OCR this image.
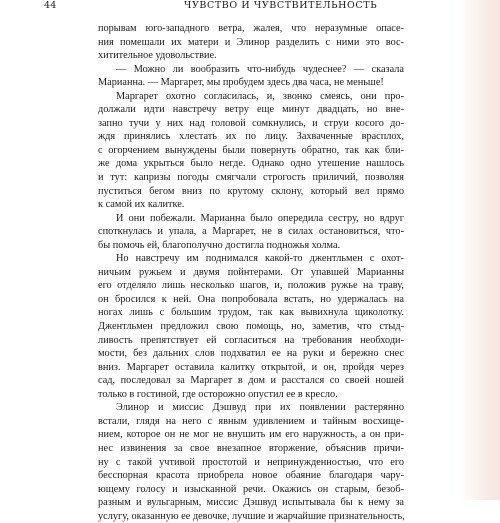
44	ЧУВСТВО И ЧУВСТВИТЕЛЬНОСТЬ
порывам юго-западного ветра, жалея, что неразумные опасе-
ния помешали их матери и Элинор разделить с ними это вос-
хитительное удовольствие.
— Можно ли вообразить что-нибудь чудеснее? — сказала
Марианна. — Маргарет, мы пробудем здесь два часа, не меньше!
Маргарет охотно согласилась, и, звонко смеясь, они про-
должали идти навстречу ветру еще минут двадцать, но вне-
запно тучи у них над головой сомкнулись, и струи косого до-
ждя принялись хлестать их по лицу. Захваченные врасплох,
с огорчением вынуждены были повернуть обратно, так как бли-
же дома укрыться было негде. Однако одно утешение нашлось
и тут: капризы погоды смягчали строгость приличий, позволяя
пуститься бегом вниз по крутому склону, который вел прямо
к самой их калитке.
И они побежали. Марианна было опередила сестру, но вдруг
споткнулась и упала, а Маргарет, не в силах остановиться, что-
бы помочь ей, благополучно достигла подножья холма.
Но навстречу им поднимался какой-то джентльмен с охот-
ничьим ружьем и двумя пойнтерами. От упавшей Марианны
его отделяло лишь несколько шагов, и, положив ружье на траву,
он бросился к ней. Она попробовала встать, но удержалась на
ногах лишь с большим трудом, так как вывихнула щиколотку.
Джентльмен предложил свою помощь, но, заметив, что стыд-
ливость препятствует ей согласиться на требования необходи-
мости, без дальних слов подхватил ее на руки и бережно снес
вниз. Маргарет оставила калитку открытой, и он, пройдя через
сад, последовал за Маргарет в дом и расстался со своей ношей
только в гостиной, где осторожно опустил ее в кресло.
Элинор и миссис Дэшвуд при их появлении растерянно
встали, глядя на него с явным удивлением и тайным восхище-
нием, которое он не мог не внушить им его наружность, а он при-
нес извинения за свое внезапное вторжение, объяснив причи-
ну с такой учтивой простотой и непринужденностью, что его
бесспорная красота приобрела новое обаяние благодаря чару-
ющему голосу и изысканной речи. Окажись он старым, безоб-
разным и вульгарным, миссис Дэшвуд испытывала бы к нему за
услугу, оказанную ее девочке, лучшие и жарчайшие признательность,
